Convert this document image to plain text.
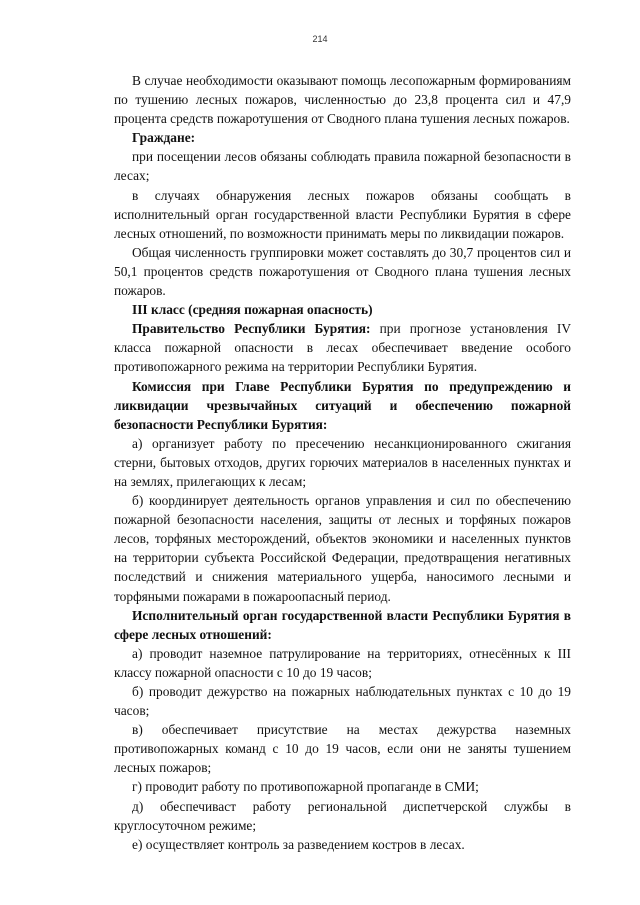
214

В случае необходимости оказывают помощь лесопожарным формированиям по тушению лесных пожаров, численностью до 23,8 процента сил и 47,9 процента средств пожаротушения от Сводного плана тушения лесных пожаров.

Граждане:

при посещении лесов обязаны соблюдать правила пожарной безопасности в лесах;

в случаях обнаружения лесных пожаров обязаны сообщать в исполнительный орган государственной власти Республики Бурятия в сфере лесных отношений, по возможности принимать меры по ликвидации пожаров.

Общая численность группировки может составлять до 30,7 процентов сил и 50,1 процентов средств пожаротушения от Сводного плана тушения лесных пожаров.

III класс (средняя пожарная опасность)

Правительство Республики Бурятия: при прогнозе установления IV класса пожарной опасности в лесах обеспечивает введение особого противопожарного режима на территории Республики Бурятия.

Комиссия при Главе Республики Бурятия по предупреждению и ликвидации чрезвычайных ситуаций и обеспечению пожарной безопасности Республики Бурятия:

а) организует работу по пресечению несанкционированного сжигания стерни, бытовых отходов, других горючих материалов в населенных пунктах и на землях, прилегающих к лесам;

б) координирует деятельность органов управления и сил по обеспечению пожарной безопасности населения, защиты от лесных и торфяных пожаров лесов, торфяных месторождений, объектов экономики и населенных пунктов на территории субъекта Российской Федерации, предотвращения негативных последствий и снижения материального ущерба, наносимого лесными и торфяными пожарами в пожароопасный период.

Исполнительный орган государственной власти Республики Бурятия в сфере лесных отношений:

а) проводит наземное патрулирование на территориях, отнесённых к III классу пожарной опасности с 10 до 19 часов;

б) проводит дежурство на пожарных наблюдательных пунктах с 10 до 19 часов;

в) обеспечивает присутствие на местах дежурства наземных противопожарных команд с 10 до 19 часов, если они не заняты тушением лесных пожаров;

г) проводит работу по противопожарной пропаганде в СМИ;

д) обеспечиваст работу региональной диспетчерской службы в круглосуточном режиме;

е) осуществляет контроль за разведением костров в лесах.
